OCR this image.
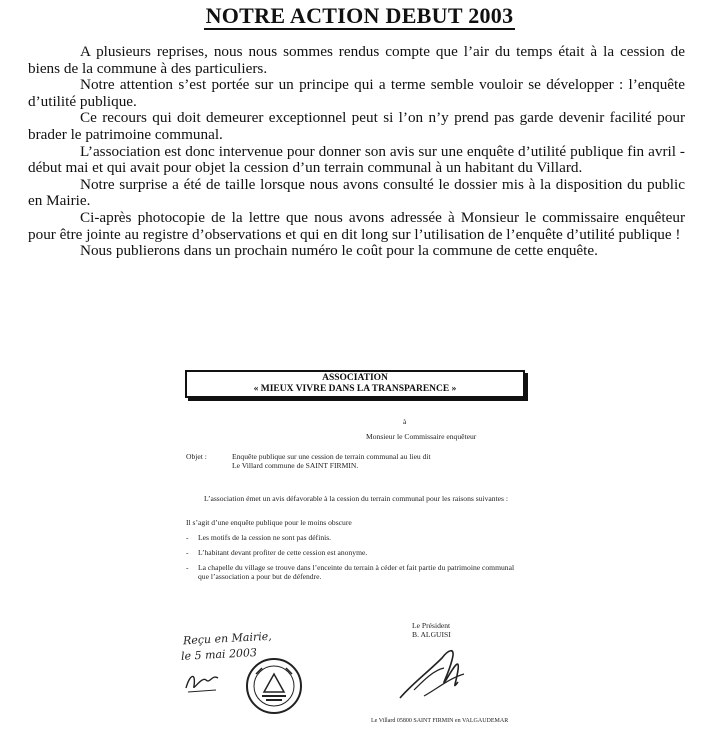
NOTRE ACTION DEBUT 2003

A plusieurs reprises, nous nous sommes rendus compte que l’air du temps était à la cession de biens de la commune à des particuliers.

Notre attention s’est portée sur un principe qui a terme semble vouloir se développer : l’enquête d’utilité publique.

Ce recours qui doit demeurer exceptionnel peut si l’on n’y prend pas garde devenir facilité pour brader le patrimoine communal.

L’association est donc intervenue pour donner son avis sur une enquête d’utilité publique fin avril - début mai et qui avait pour objet la cession d’un terrain communal à un habitant du Villard.

Notre surprise a été de taille lorsque nous avons consulté le dossier mis à la disposition du public en Mairie.

Ci-après photocopie de la lettre que nous avons adressée à Monsieur le commissaire enquêteur pour être jointe au registre d’observations et qui en dit long sur l’utilisation de l’enquête d’utilité publique !

Nous publierons dans un prochain numéro le coût pour la commune de cette enquête.

ASSOCIATION
« MIEUX VIVRE DANS LA TRANSPARENCE »
à
Monsieur le Commissaire enquêteur
Objet :	Enquête publique sur une cession de terrain communal au lieu dit
Le Villard commune de SAINT FIRMIN.
L’association émet un avis défavorable à la cession du terrain communal pour les raisons suivantes :
Il s’agit d’une enquête publique pour le moins obscure
- Les motifs de la cession ne sont pas définis.
- L’habitant devant profiter de cette cession est anonyme.
- La chapelle du village se trouve dans l’enceinte du terrain à céder et fait partie du patrimoine communal que l’association a pour but de défendre.
Le Président
B. ALGUISI
Reçu en Mairie,
le 5 mai 2003
Le Villard 05800 SAINT FIRMIN en VALGAUDEMAR
